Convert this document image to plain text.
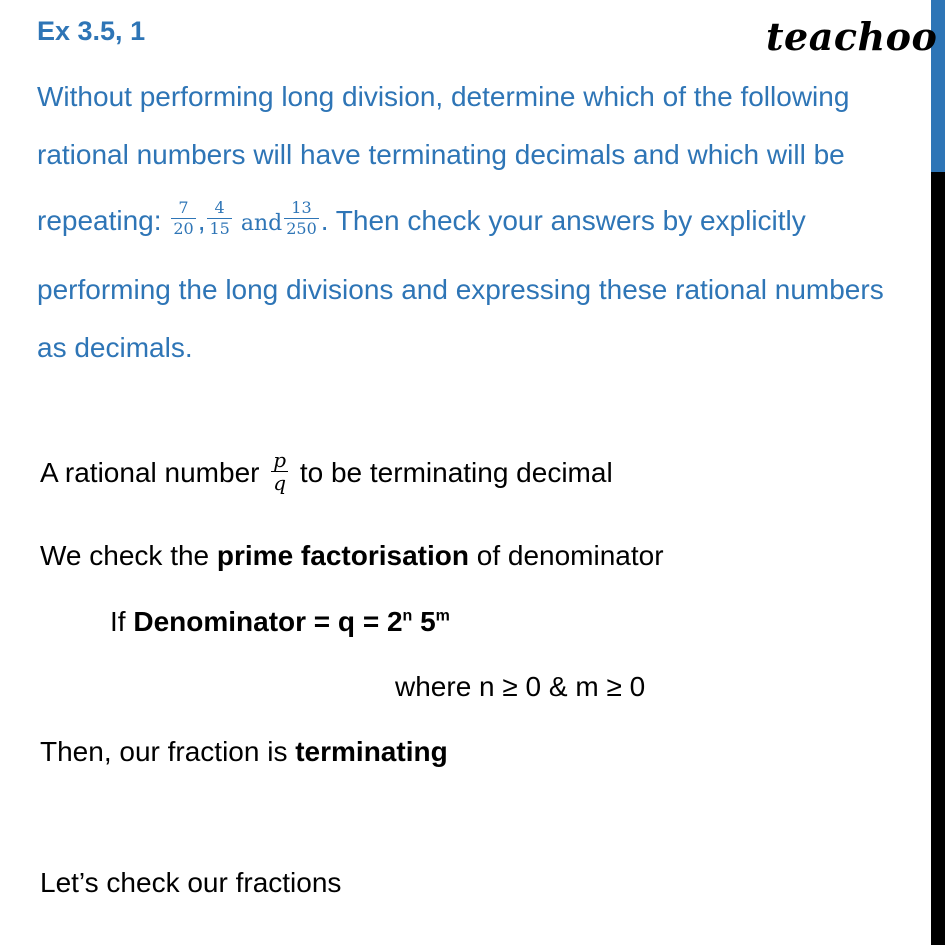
Ex 3.5, 1	teachoo
Without performing long division, determine which of the following
rational numbers will have terminating decimals and which will be
repeating: $\frac{7}{20}$ , $\frac{4}{15}$ and $\frac{13}{250}$ . Then check your answers by explicitly
performing the long divisions and expressing these rational numbers
as decimals.
A rational number $\frac{p}{q}$ to be terminating decimal
We check the prime factorisation of denominator
If Denominator = $q = 2^n$ 5$^m$
where n ≥ 0 & m ≥ 0
Then, our fraction is terminating
Let’s check our fractions
